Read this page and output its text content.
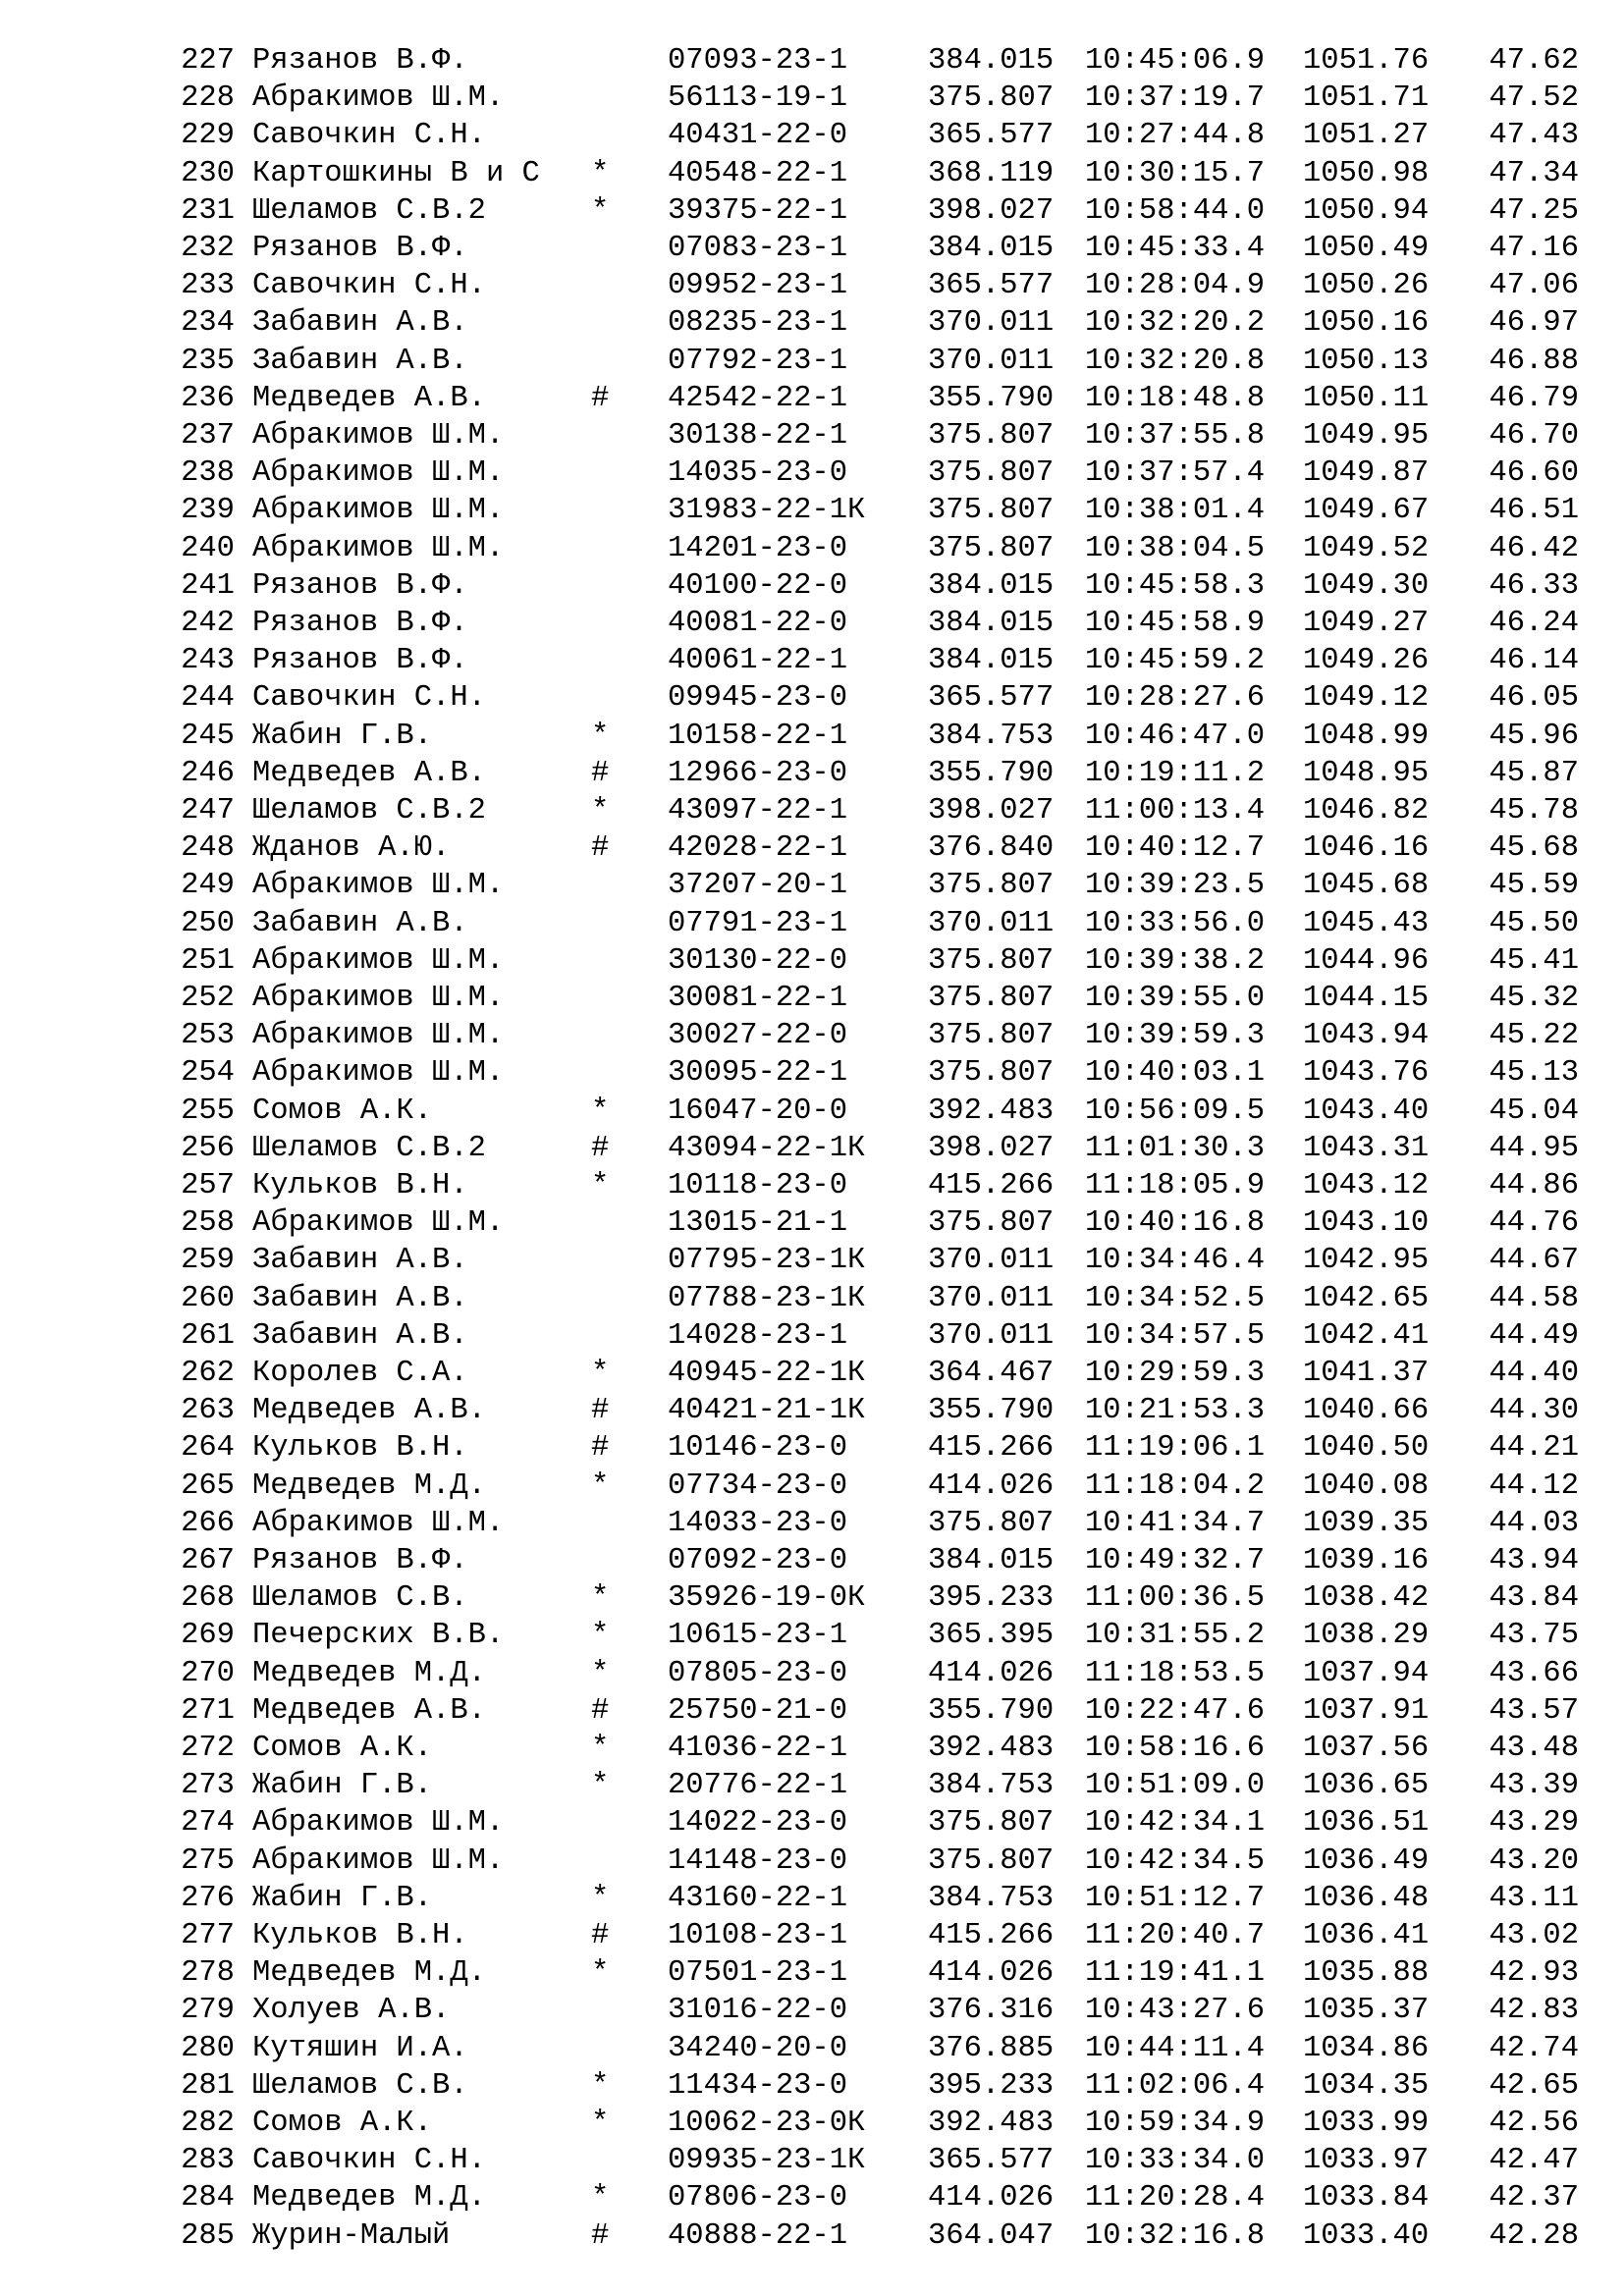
227 Рязанов В.Ф.	07093-23-1	384.015 10:45:06.9 1051.76 47.62
228 Абракимов Ш.М.	56113-19-1	375.807 10:37:19.7 1051.71 47.52
229 Савочкин С.Н.	40431-22-0	365.577 10:27:44.8 1051.27 47.43
230 Картошкины В и С * 40548-22-1	368.119 10:30:15.7 1050.98 47.34
231 Шеламов С.В.2	* 39375-22-1	398.027 10:58:44.0 1050.94 47.25
232 Рязанов В.Ф.	07083-23-1	384.015 10:45:33.4 1050.49 47.16
233 Савочкин С.Н.	09952-23-1	365.577 10:28:04.9 1050.26 47.06
234 Забавин А.В.	08235-23-1	370.011 10:32:20.2 1050.16 46.97
235 Забавин А.В.	07792-23-1	370.011 10:32:20.8 1050.13 46.88
236 Медведев А.В.	# 42542-22-1	355.790 10:18:48.8 1050.11 46.79
237 Абракимов Ш.М.	30138-22-1	375.807 10:37:55.8 1049.95 46.70
238 Абракимов Ш.М.	14035-23-0	375.807 10:37:57.4 1049.87 46.60
239 Абракимов Ш.М.	31983-22-1К 375.807 10:38:01.4 1049.67 46.51
240 Абракимов Ш.М.	14201-23-0	375.807 10:38:04.5 1049.52 46.42
241 Рязанов В.Ф.	40100-22-0	384.015 10:45:58.3 1049.30 46.33
242 Рязанов В.Ф.	40081-22-0	384.015 10:45:58.9 1049.27 46.24
243 Рязанов В.Ф.	40061-22-1	384.015 10:45:59.2 1049.26 46.14
244 Савочкин С.Н.	09945-23-0	365.577 10:28:27.6 1049.12 46.05
245 Жабин Г.В.	* 10158-22-1	384.753 10:46:47.0 1048.99 45.96
246 Медведев А.В.	# 12966-23-0	355.790 10:19:11.2 1048.95 45.87
247 Шеламов С.В.2	* 43097-22-1	398.027 11:00:13.4 1046.82 45.78
248 Жданов А.Ю.	# 42028-22-1	376.840 10:40:12.7 1046.16 45.68
249 Абракимов Ш.М.	37207-20-1	375.807 10:39:23.5 1045.68 45.59
250 Забавин А.В.	07791-23-1	370.011 10:33:56.0 1045.43 45.50
251 Абракимов Ш.М.	30130-22-0	375.807 10:39:38.2 1044.96 45.41
252 Абракимов Ш.М.	30081-22-1	375.807 10:39:55.0 1044.15 45.32
253 Абракимов Ш.М.	30027-22-0	375.807 10:39:59.3 1043.94 45.22
254 Абракимов Ш.М.	30095-22-1	375.807 10:40:03.1 1043.76 45.13
255 Сомов А.К.	* 16047-20-0	392.483 10:56:09.5 1043.40 45.04
256 Шеламов С.В.2	# 43094-22-1К 398.027 11:01:30.3 1043.31 44.95
257 Кульков В.Н.	* 10118-23-0	415.266 11:18:05.9 1043.12 44.86
258 Абракимов Ш.М.	13015-21-1	375.807 10:40:16.8 1043.10 44.76
259 Забавин А.В.	07795-23-1К 370.011 10:34:46.4 1042.95 44.67
260 Забавин А.В.	07788-23-1К 370.011 10:34:52.5 1042.65 44.58
261 Забавин А.В.	14028-23-1	370.011 10:34:57.5 1042.41 44.49
262 Королев С.А.	* 40945-22-1К 364.467 10:29:59.3 1041.37 44.40
263 Медведев А.В.	# 40421-21-1К 355.790 10:21:53.3 1040.66 44.30
264 Кульков В.Н.	# 10146-23-0	415.266 11:19:06.1 1040.50 44.21
265 Медведев М.Д.	* 07734-23-0	414.026 11:18:04.2 1040.08 44.12
266 Абракимов Ш.М.	14033-23-0	375.807 10:41:34.7 1039.35 44.03
267 Рязанов В.Ф.	07092-23-0	384.015 10:49:32.7 1039.16 43.94
268 Шеламов С.В.	* 35926-19-0К 395.233 11:00:36.5 1038.42 43.84
269 Печерских В.В.	* 10615-23-1	365.395 10:31:55.2 1038.29 43.75
270 Медведев М.Д.	* 07805-23-0	414.026 11:18:53.5 1037.94 43.66
271 Медведев А.В.	# 25750-21-0	355.790 10:22:47.6 1037.91 43.57
272 Сомов А.К.	* 41036-22-1	392.483 10:58:16.6 1037.56 43.48
273 Жабин Г.В.	* 20776-22-1	384.753 10:51:09.0 1036.65 43.39
274 Абракимов Ш.М.	14022-23-0	375.807 10:42:34.1 1036.51 43.29
275 Абракимов Ш.М.	14148-23-0	375.807 10:42:34.5 1036.49 43.20
276 Жабин Г.В.	* 43160-22-1	384.753 10:51:12.7 1036.48 43.11
277 Кульков В.Н.	# 10108-23-1	415.266 11:20:40.7 1036.41 43.02
278 Медведев М.Д.	* 07501-23-1	414.026 11:19:41.1 1035.88 42.93
279 Холуев А.В.	31016-22-0	376.316 10:43:27.6 1035.37 42.83
280 Кутяшин И.А.	34240-20-0	376.885 10:44:11.4 1034.86 42.74
281 Шеламов С.В.	* 11434-23-0	395.233 11:02:06.4 1034.35 42.65
282 Сомов А.К.	* 10062-23-0К 392.483 10:59:34.9 1033.99 42.56
283 Савочкин С.Н.	09935-23-1К 365.577 10:33:34.0 1033.97 42.47
284 Медведев М.Д.	* 07806-23-0	414.026 11:20:28.4 1033.84 42.37
285 Журин-Малый	# 40888-22-1	364.047 10:32:16.8 1033.40 42.28
